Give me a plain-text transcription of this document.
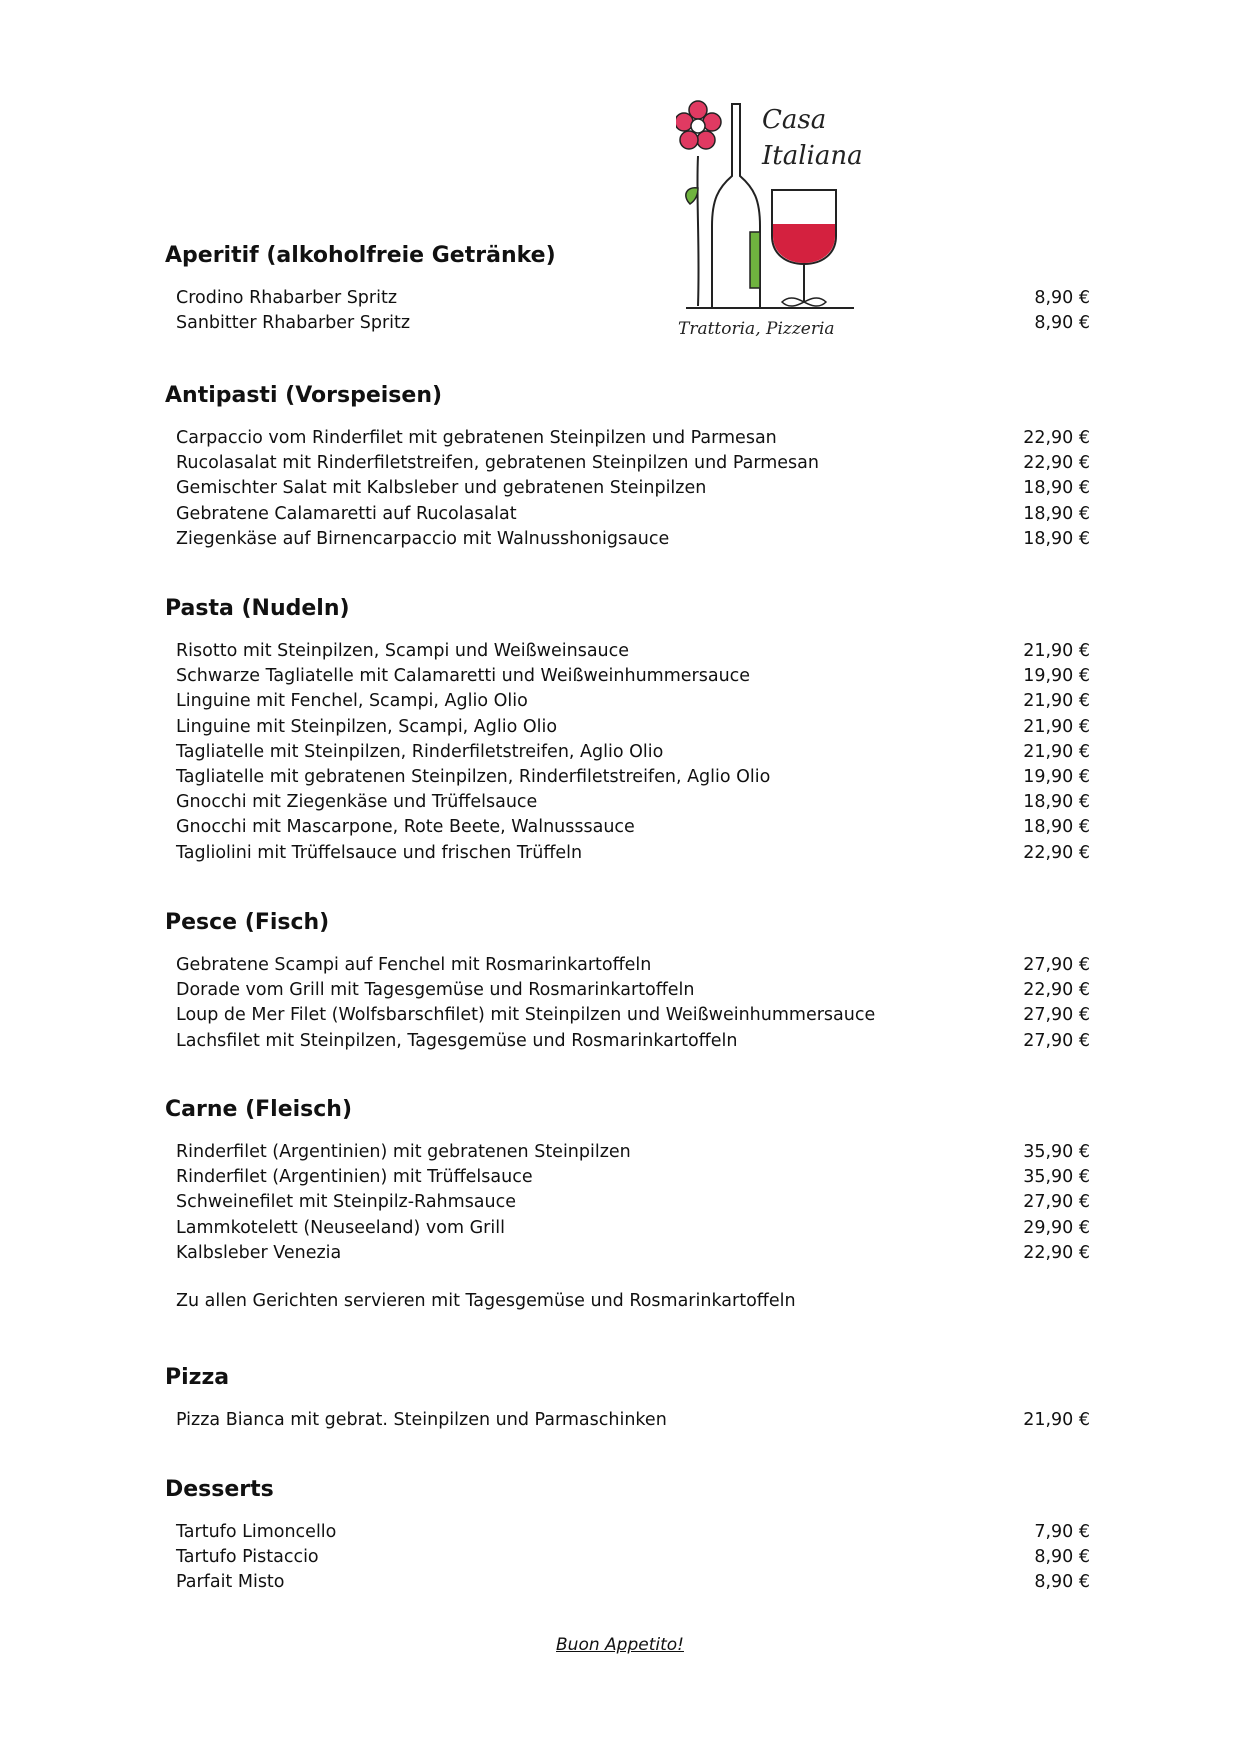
Casa
Italiana
Trattoria, Pizzeria
Aperitif (alkoholfreie Getränke)
Crodino Rhabarber Spritz	8,90 €
Sanbitter Rhabarber Spritz	8,90 €
Antipasti (Vorspeisen)
Carpaccio vom Rinderfilet mit gebratenen Steinpilzen und Parmesan	22,90 €
Rucolasalat mit Rinderfiletstreifen, gebratenen Steinpilzen und Parmesan	22,90 €
Gemischter Salat mit Kalbsleber und gebratenen Steinpilzen	18,90 €
Gebratene Calamaretti auf Rucolasalat	18,90 €
Ziegenkäse auf Birnencarpaccio mit Walnusshonigsauce	18,90 €
Pasta (Nudeln)
Risotto mit Steinpilzen, Scampi und Weißweinsauce	21,90 €
Schwarze Tagliatelle mit Calamaretti und Weißweinhummersauce	19,90 €
Linguine mit Fenchel, Scampi, Aglio Olio	21,90 €
Linguine mit Steinpilzen, Scampi, Aglio Olio	21,90 €
Tagliatelle mit Steinpilzen, Rinderfiletstreifen, Aglio Olio	21,90 €
Tagliatelle mit gebratenen Steinpilzen, Rinderfiletstreifen, Aglio Olio	19,90 €
Gnocchi mit Ziegenkäse und Trüffelsauce	18,90 €
Gnocchi mit Mascarpone, Rote Beete, Walnusssauce	18,90 €
Tagliolini mit Trüffelsauce und frischen Trüffeln	22,90 €
Pesce (Fisch)
Gebratene Scampi auf Fenchel mit Rosmarinkartoffeln	27,90 €
Dorade vom Grill mit Tagesgemüse und Rosmarinkartoffeln	22,90 €
Loup de Mer Filet (Wolfsbarschfilet) mit Steinpilzen und Weißweinhummersauce	27,90 €
Lachsfilet mit Steinpilzen, Tagesgemüse und Rosmarinkartoffeln	27,90 €
Carne (Fleisch)
Rinderfilet (Argentinien) mit gebratenen Steinpilzen	35,90 €
Rinderfilet (Argentinien) mit Trüffelsauce	35,90 €
Schweinefilet mit Steinpilz-Rahmsauce	27,90 €
Lammkotelett (Neuseeland) vom Grill	29,90 €
Kalbsleber Venezia	22,90 €
Zu allen Gerichten servieren mit Tagesgemüse und Rosmarinkartoffeln
Pizza
Pizza Bianca mit gebrat. Steinpilzen und Parmaschinken	21,90 €
Desserts
Tartufo Limoncello	7,90 €
Tartufo Pistaccio	8,90 €
Parfait Misto	8,90 €
Buon Appetito!
